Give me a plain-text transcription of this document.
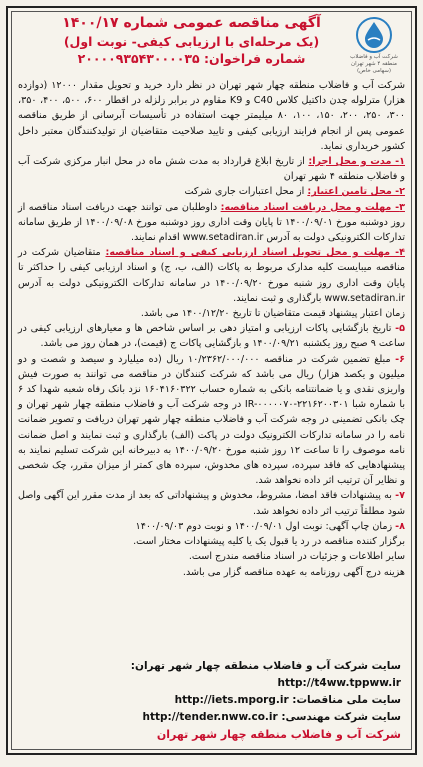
شرکت آب و فاضلاب منطقه ۴ شهر تهران (سهامی خاص)
آگهی مناقصه عمومی شماره ۱۴۰۰/۱۷
(یک مرحله‌ای با ارزیابی کیفی- نوبت اول)
شماره فراخوان: ۲۰۰۰۰۹۳۵۴۳۰۰۰۰۳۵

شرکت آب و فاضلاب منطقه چهار شهر تهران در نظر دارد خرید و تحویل مقدار ۱۲۰۰۰ (دوازده هزار) مترلوله چدن داکتیل کلاس C40 و K9 مقاوم در برابر زلزله در اقطار ۶۰۰، ۵۰۰، ۴۰۰، ۳۵۰، ۳۰۰، ۲۵۰، ۲۰۰، ۱۵۰، ۱۰۰، ۸۰ میلیمتر جهت استفاده در تأسیسات آبرسانی از طریق مناقصه عمومی پس از انجام فرایند ارزیابی کیفی و تایید صلاحیت متقاضیان از تولیدکنندگان معتبر داخل کشور خریداری نماید.

۱- مدت و محل اجرا: از تاریخ ابلاغ قرارداد به مدت شش ماه در محل انبار مرکزی شرکت آب و فاضلاب منطقه ۴ شهر تهران

۲- محل تامین اعتبار: از محل اعتبارات جاری شرکت

۳- مهلت و محل دریافت اسناد مناقصه: داوطلبان می توانند جهت دریافت اسناد مناقصه از روز دوشنبه مورخ ۱۴۰۰/۰۹/۰۱ تا پایان وقت اداری روز دوشنبه مورخ ۱۴۰۰/۰۹/۰۸ از طریق سامانه تدارکات الکترونیکی دولت به آدرس www.setadiran.ir اقدام نمایند.

۴- مهلت و محل تحویل اسناد ارزیابی کیفی و اسناد مناقصه: متقاضیان شرکت در مناقصه میبایست کلیه مدارک مربوط به پاکات (الف، ب، ج) و اسناد ارزیابی کیفی را حداکثر تا پایان وقت اداری روز شنبه مورخ ۱۴۰۰/۰۹/۲۰ در سامانه تدارکات الکترونیکی دولت به آدرس www.setadiran.ir بارگذاری و ثبت نمایند.

زمان اعتبار پیشنهاد قیمت متقاضیان تا تاریخ ۱۴۰۰/۱۲/۲۰ می باشد.

۵- تاریخ بازگشایی پاکات ارزیابی و امتیاز دهی بر اساس شاخص ها و معیارهای ارزیابی کیفی در ساعت ۹ صبح روز یکشنبه ۱۴۰۰/۰۹/۲۱ و بازگشایی پاکات ج (قیمت)، در همان روز می باشد.

۶- مبلغ تضمین شرکت در مناقصه ۱۰/۲۳۶۲/۰۰۰/۰۰۰ ریال (ده میلیارد و سیصد و شصت و دو میلیون و یکصد هزار) ریال می باشد که شرکت کنندگان در مناقصه می توانند به صورت فیش واریزی نقدی و یا ضمانتنامه بانکی به شماره حساب ۱۶۰۴۱۶۰۳۲۲ نزد بانک رفاه شعبه شهدا کد ۶ با شماره شبا IR-۰۰۰۰۰۷۰-۲۲۱۶۲۰۰۳۰۱ در وجه شرکت آب و فاضلاب منطقه چهار شهر تهران و چک بانکی تضمینی در وجه شرکت آب و فاضلاب منطقه چهار شهر تهران دریافت و تصویر ضمانت نامه را در سامانه تدارکات الکترونیک دولت در پاکت (الف) بارگذاری و ثبت نمایند و اصل ضمانت نامه موصوف را تا ساعت ۱۲ روز شنبه مورخ ۱۴۰۰/۰۹/۲۰ به دبیرخانه این شرکت تسلیم نمایند به پیشنهادهایی که فاقد سپرده، سپرده های مخدوش، سپرده های کمتر از میزان مقرر، چک شخصی و نظایر آن ترتیب اثر داده نخواهد شد.

۷- به پیشنهادات فاقد امضا، مشروط، مخدوش و پیشنهاداتی که بعد از مدت مقرر این آگهی واصل شود مطلقاً ترتیب اثر داده نخواهد شد.

۸- زمان چاپ آگهی: نوبت اول ۱۴۰۰/۰۹/۰۱ و نوبت دوم ۱۴۰۰/۰۹/۰۳

برگزار کننده مناقصه در رد یا قبول یک یا کلیه پیشنهادات مختار است.

سایر اطلاعات و جزئیات در اسناد مناقصه مندرج است.

هزینه درج آگهی روزنامه به عهده مناقصه گزار می باشد.

سایت شرکت آب و فاضلاب منطقه چهار شهر تهران: http://t4ww.tppww.ir
سایت ملی مناقصات: http://iets.mporg.ir
سایت شرکت مهندسی: http://tender.nww.co.ir
شرکت آب و فاضلاب منطقه چهار شهر تهران
